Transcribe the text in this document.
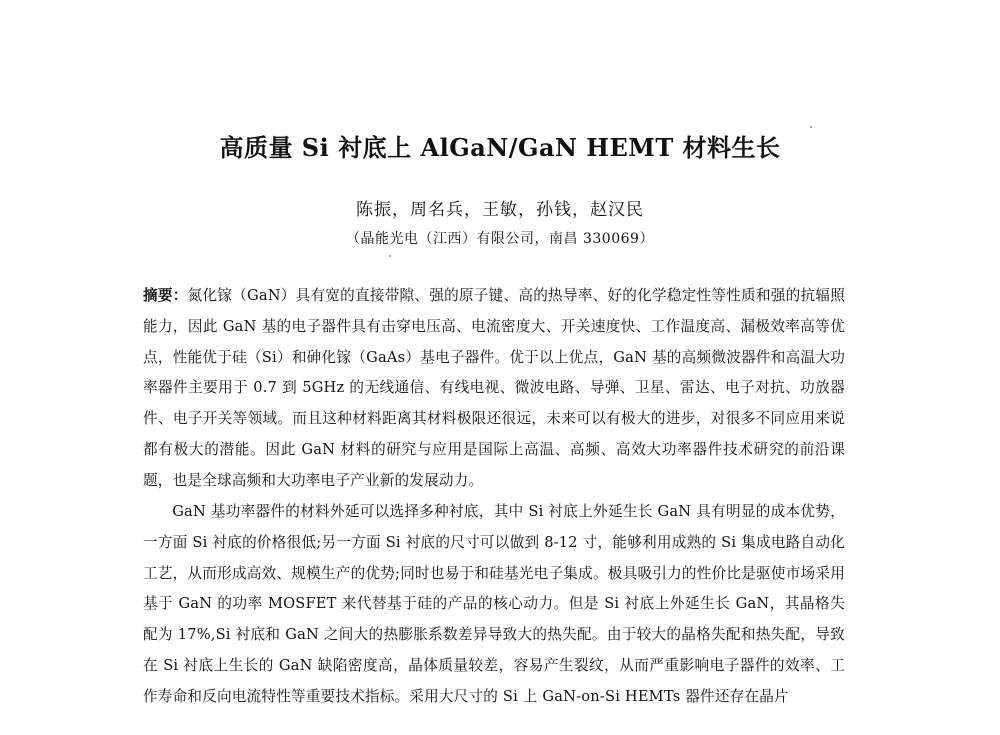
高质量 Si 衬底上 AlGaN/GaN HEMT 材料生长
陈振，周名兵，王敏，孙钱，赵汉民
（晶能光电（江西）有限公司，南昌 330069）
摘要：氮化镓（GaN）具有宽的直接带隙、强的原子键、高的热导率、好的化学稳定性等性质和强的抗辐照能力，因此 GaN 基的电子器件具有击穿电压高、电流密度大、开关速度快、工作温度高、漏极效率高等优点，性能优于硅（Si）和砷化镓（GaAs）基电子器件。优于以上优点，GaN 基的高频微波器件和高温大功率器件主要用于 0.7 到 5GHz 的无线通信、有线电视、微波电路、导弹、卫星、雷达、电子对抗、功放器件、电子开关等领域。而且这种材料距离其材料极限还很远，未来可以有极大的进步，对很多不同应用来说都有极大的潜能。因此 GaN 材料的研究与应用是国际上高温、高频、高效大功率器件技术研究的前沿课题，也是全球高频和大功率电子产业新的发展动力。
GaN 基功率器件的材料外延可以选择多种衬底，其中 Si 衬底上外延生长 GaN 具有明显的成本优势，一方面 Si 衬底的价格很低;另一方面 Si 衬底的尺寸可以做到 8-12 寸，能够利用成熟的 Si 集成电路自动化工艺，从而形成高效、规模生产的优势;同时也易于和硅基光电子集成。极具吸引力的性价比是驱使市场采用基于 GaN 的功率 MOSFET 来代替基于硅的产品的核心动力。但是 Si 衬底上外延生长 GaN，其晶格失配为 17%,Si 衬底和 GaN 之间大的热膨胀系数差异导致大的热失配。由于较大的晶格失配和热失配，导致在 Si 衬底上生长的 GaN 缺陷密度高，晶体质量较差，容易产生裂纹，从而严重影响电子器件的效率、工作寿命和反向电流特性等重要技术指标。采用大尺寸的 Si 上 GaN-on-Si HEMTs 器件还存在晶片
